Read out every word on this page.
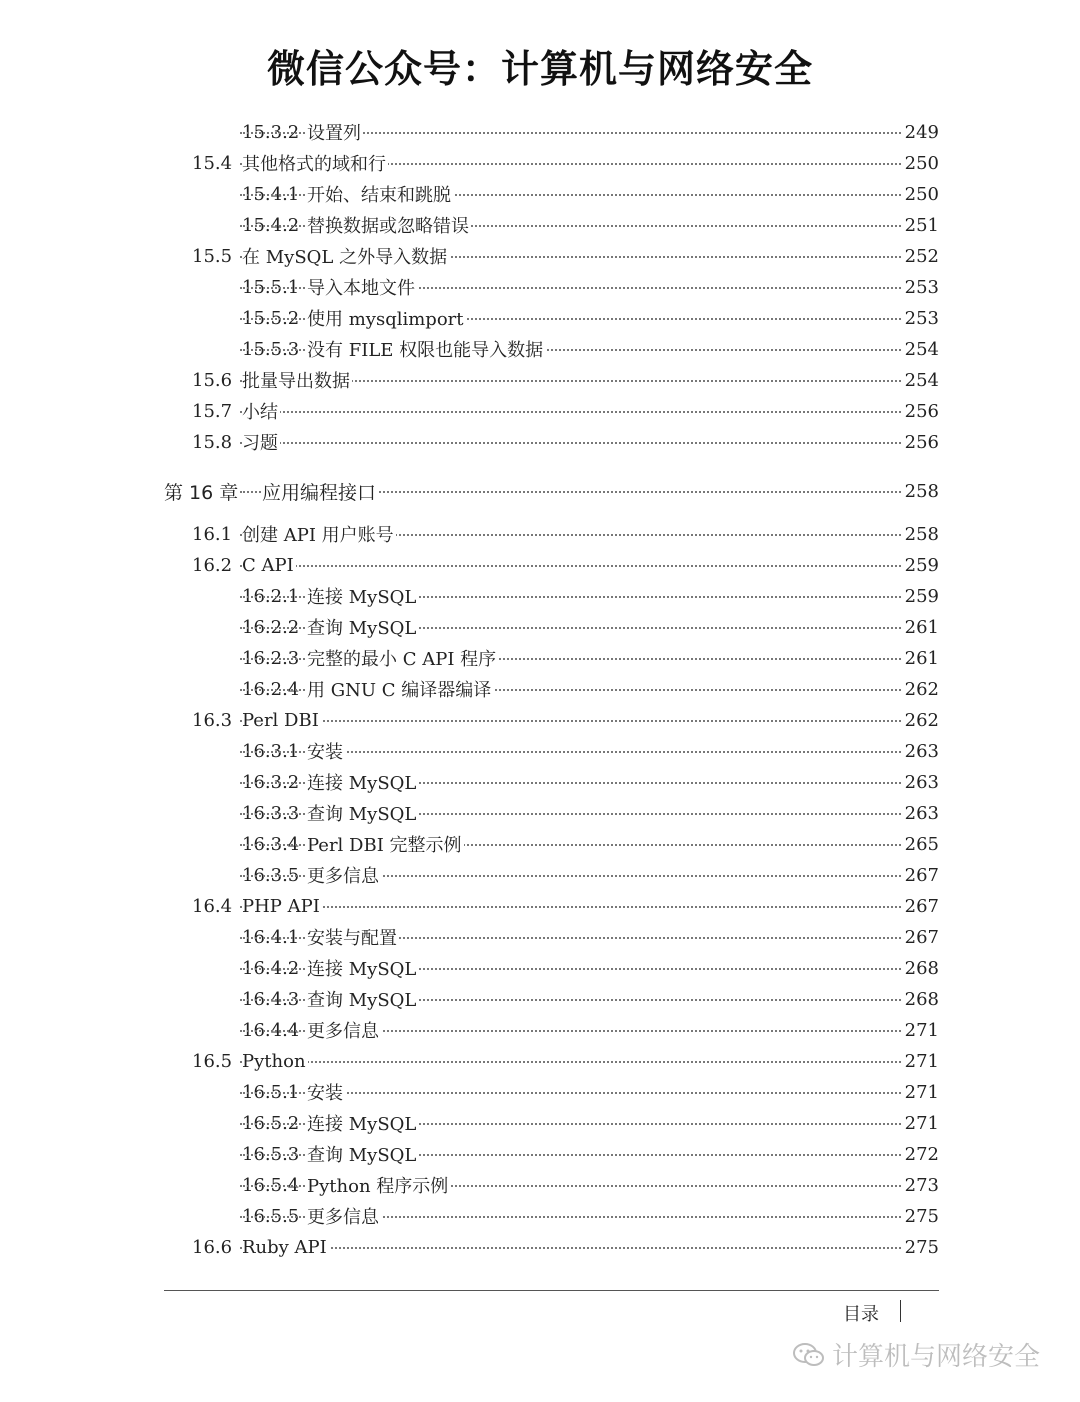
微信公众号：计算机与网络安全
15.3.2 设置列	249
15.4 其他格式的域和行	250
15.4.1 开始、结束和跳脱	250
15.4.2 替换数据或忽略错误	251
15.5 在 MySQL 之外导入数据	252
15.5.1 导入本地文件	253
15.5.2 使用 mysqlimport	253
15.5.3 没有 FILE 权限也能导入数据	254
15.6 批量导出数据	254
15.7 小结	256
15.8 习题	256
第 16 章 应用编程接口	258
16.1 创建 API 用户账号	258
16.2 C API	259
16.2.1 连接 MySQL	259
16.2.2 查询 MySQL	261
16.2.3 完整的最小 C API 程序	261
16.2.4 用 GNU C 编译器编译	262
16.3 Perl DBI	262
16.3.1 安装	263
16.3.2 连接 MySQL	263
16.3.3 查询 MySQL	263
16.3.4 Perl DBI 完整示例	265
16.3.5 更多信息	267
16.4 PHP API	267
16.4.1 安装与配置	267
16.4.2 连接 MySQL	268
16.4.3 查询 MySQL	268
16.4.4 更多信息	271
16.5 Python	271
16.5.1 安装	271
16.5.2 连接 MySQL	271
16.5.3 查询 MySQL	272
16.5.4 Python 程序示例	273
16.5.5 更多信息	275
16.6 Ruby API	275
目录
计算机与网络安全
